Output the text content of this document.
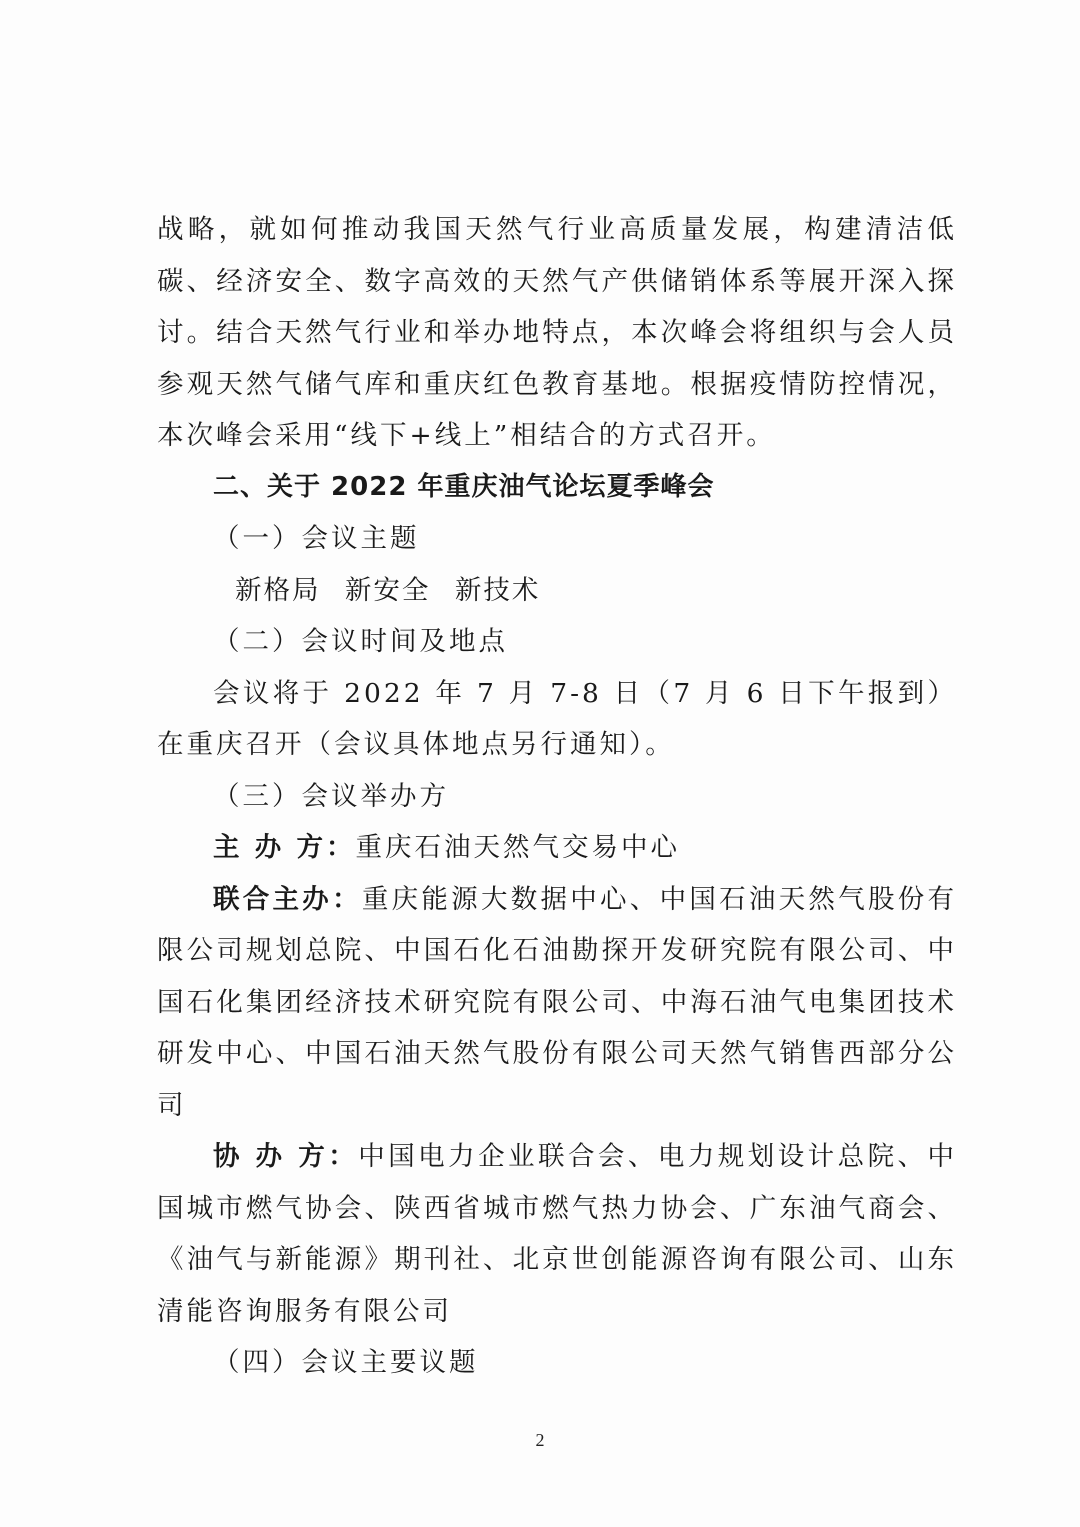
战略，就如何推动我国天然气行业高质量发展，构建清洁低碳、经济安全、数字高效的天然气产供储销体系等展开深入探讨。结合天然气行业和举办地特点，本次峰会将组织与会人员参观天然气储气库和重庆红色教育基地。根据疫情防控情况，本次峰会采用“线下+线上”相结合的方式召开。

二、关于 2022 年重庆油气论坛夏季峰会

（一）会议主题

新格局 新安全 新技术

（二）会议时间及地点

会议将于 2022 年 7 月 7-8 日（7 月 6 日下午报到）在重庆召开（会议具体地点另行通知）。

（三）会议举办方

主 办 方：重庆石油天然气交易中心

联合主办：重庆能源大数据中心、中国石油天然气股份有限公司规划总院、中国石化石油勘探开发研究院有限公司、中国石化集团经济技术研究院有限公司、中海石油气电集团技术研发中心、中国石油天然气股份有限公司天然气销售西部分公司

协 办 方：中国电力企业联合会、电力规划设计总院、中国城市燃气协会、陕西省城市燃气热力协会、广东油气商会、《油气与新能源》期刊社、北京世创能源咨询有限公司、山东清能咨询服务有限公司

（四）会议主要议题

2
